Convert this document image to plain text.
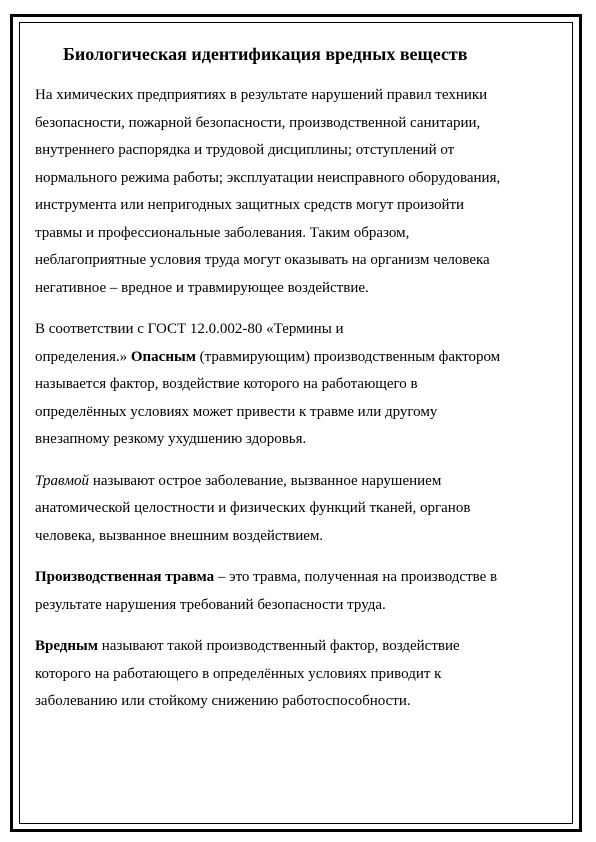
Биологическая идентификация вредных веществ

На химических предприятиях в результате нарушений правил техники
безопасности, пожарной безопасности, производственной санитарии,
внутреннего распорядка и трудовой дисциплины; отступлений от
нормального режима работы; эксплуатации неисправного оборудования,
инструмента или непригодных защитных средств могут произойти
травмы и профессиональные заболевания. Таким образом,
неблагоприятные условия труда могут оказывать на организм человека
негативное – вредное и травмирующее воздействие.

В соответствии с ГОСТ 12.0.002-80 «Термины и
определения.» Опасным (травмирующим) производственным фактором
называется фактор, воздействие которого на работающего в
определённых условиях может привести к травме или другому
внезапному резкому ухудшению здоровья.

Травмой называют острое заболевание, вызванное нарушением
анатомической целостности и физических функций тканей, органов
человека, вызванное внешним воздействием.

Производственная травма – это травма, полученная на производстве в
результате нарушения требований безопасности труда.

Вредным называют такой производственный фактор, воздействие
которого на работающего в определённых условиях приводит к
заболеванию или стойкому снижению работоспособности.
